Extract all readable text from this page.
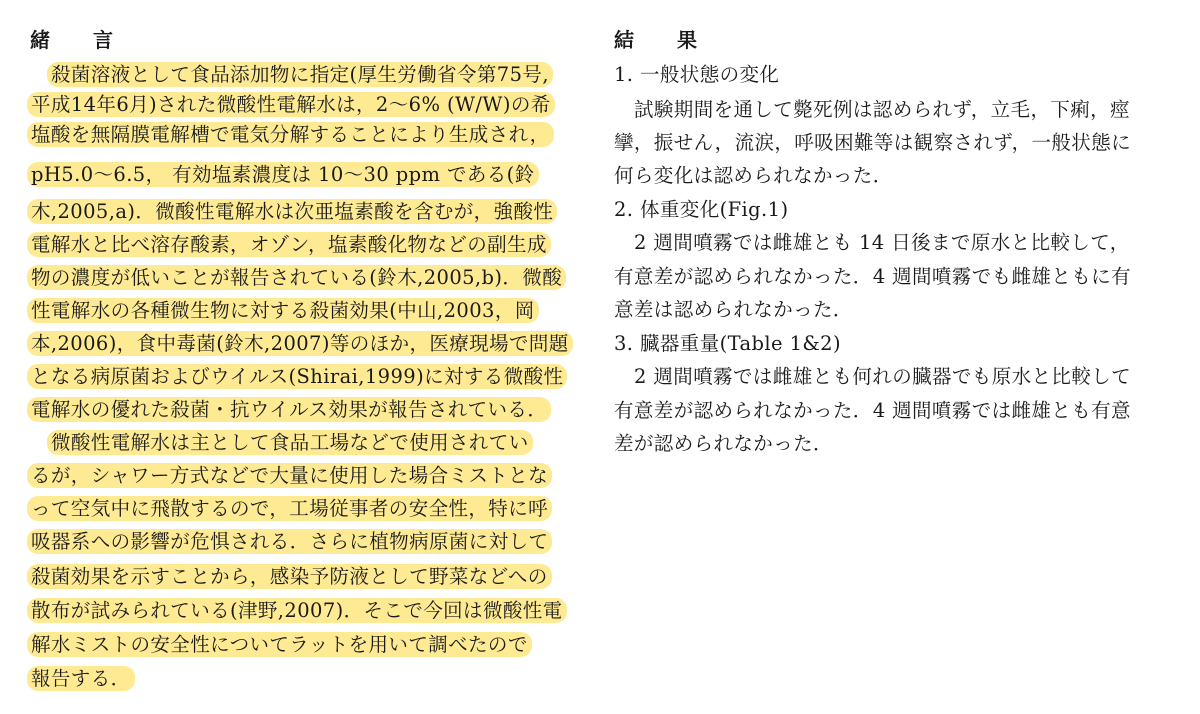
緒 言
殺菌溶液として食品添加物に指定(厚生労働省令第75号,
平成14年6月)された微酸性電解水は，2～6% (W/W)の希
塩酸を無隔膜電解槽で電気分解することにより生成され，
pH5.0～6.5， 有効塩素濃度は 10～30 ppm である(鈴
木,2005,a)．微酸性電解水は次亜塩素酸を含むが，強酸性
電解水と比べ溶存酸素，オゾン，塩素酸化物などの副生成
物の濃度が低いことが報告されている(鈴木,2005,b)．微酸
性電解水の各種微生物に対する殺菌効果(中山,2003，岡
本,2006)，食中毒菌(鈴木,2007)等のほか，医療現場で問題
となる病原菌およびウイルス(Shirai,1999)に対する微酸性
電解水の優れた殺菌・抗ウイルス効果が報告されている．
微酸性電解水は主として食品工場などで使用されてい
るが，シャワー方式などで大量に使用した場合ミストとな
って空気中に飛散するので，工場従事者の安全性，特に呼
吸器系への影響が危惧される．さらに植物病原菌に対して
殺菌効果を示すことから，感染予防液として野菜などへの
散布が試みられている(津野,2007)．そこで今回は微酸性電
解水ミストの安全性についてラットを用いて調べたので
報告する．
結 果
1. 一般状態の変化
試験期間を通して斃死例は認められず，立毛，下痢，痙
攣，振せん，流涙，呼吸困難等は観察されず，一般状態に
何ら変化は認められなかった．
2. 体重変化(Fig.1)
2 週間噴霧では雌雄とも 14 日後まで原水と比較して，
有意差が認められなかった．4 週間噴霧でも雌雄ともに有
意差は認められなかった．
3. 臓器重量(Table 1&2)
2 週間噴霧では雌雄とも何れの臓器でも原水と比較して
有意差が認められなかった．4 週間噴霧では雌雄とも有意
差が認められなかった．
